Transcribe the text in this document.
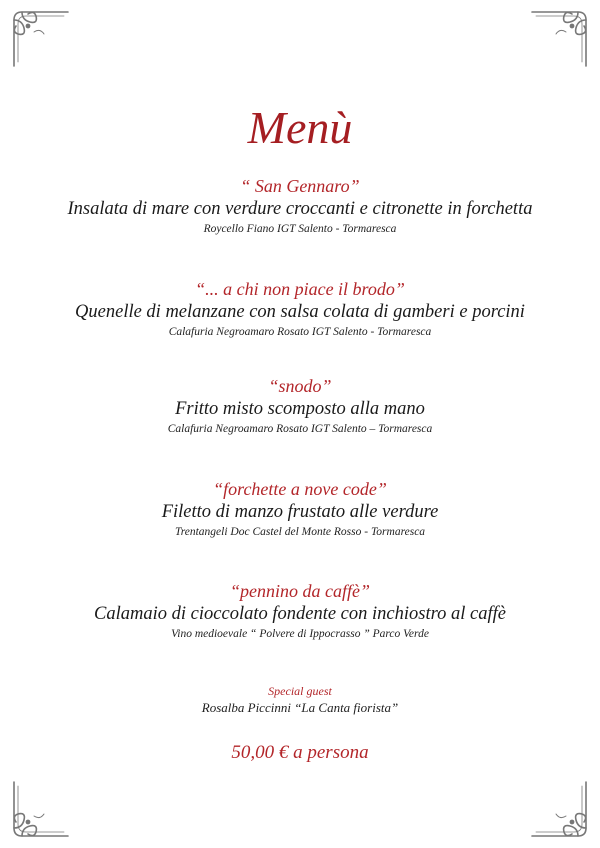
Menù
“ San Gennaro”
Insalata di mare con verdure croccanti e citronette in forchetta
Roycello Fiano IGT Salento - Tormaresca
“... a chi non piace il brodo”
Quenelle di melanzane con salsa colata di gamberi e porcini
Calafuria Negroamaro Rosato IGT Salento - Tormaresca
“snodo”
Fritto misto scomposto alla mano
Calafuria Negroamaro Rosato IGT Salento – Tormaresca
“forchette a nove code”
Filetto di manzo frustato alle verdure
Trentangeli Doc Castel del Monte Rosso - Tormaresca
“pennino da caffè”
Calamaio di cioccolato fondente con inchiostro al caffè
Vino medioevale “ Polvere di Ippocrasso ” Parco Verde
Special guest
Rosalba Piccinni “La Canta fiorista”
50,00 € a persona
